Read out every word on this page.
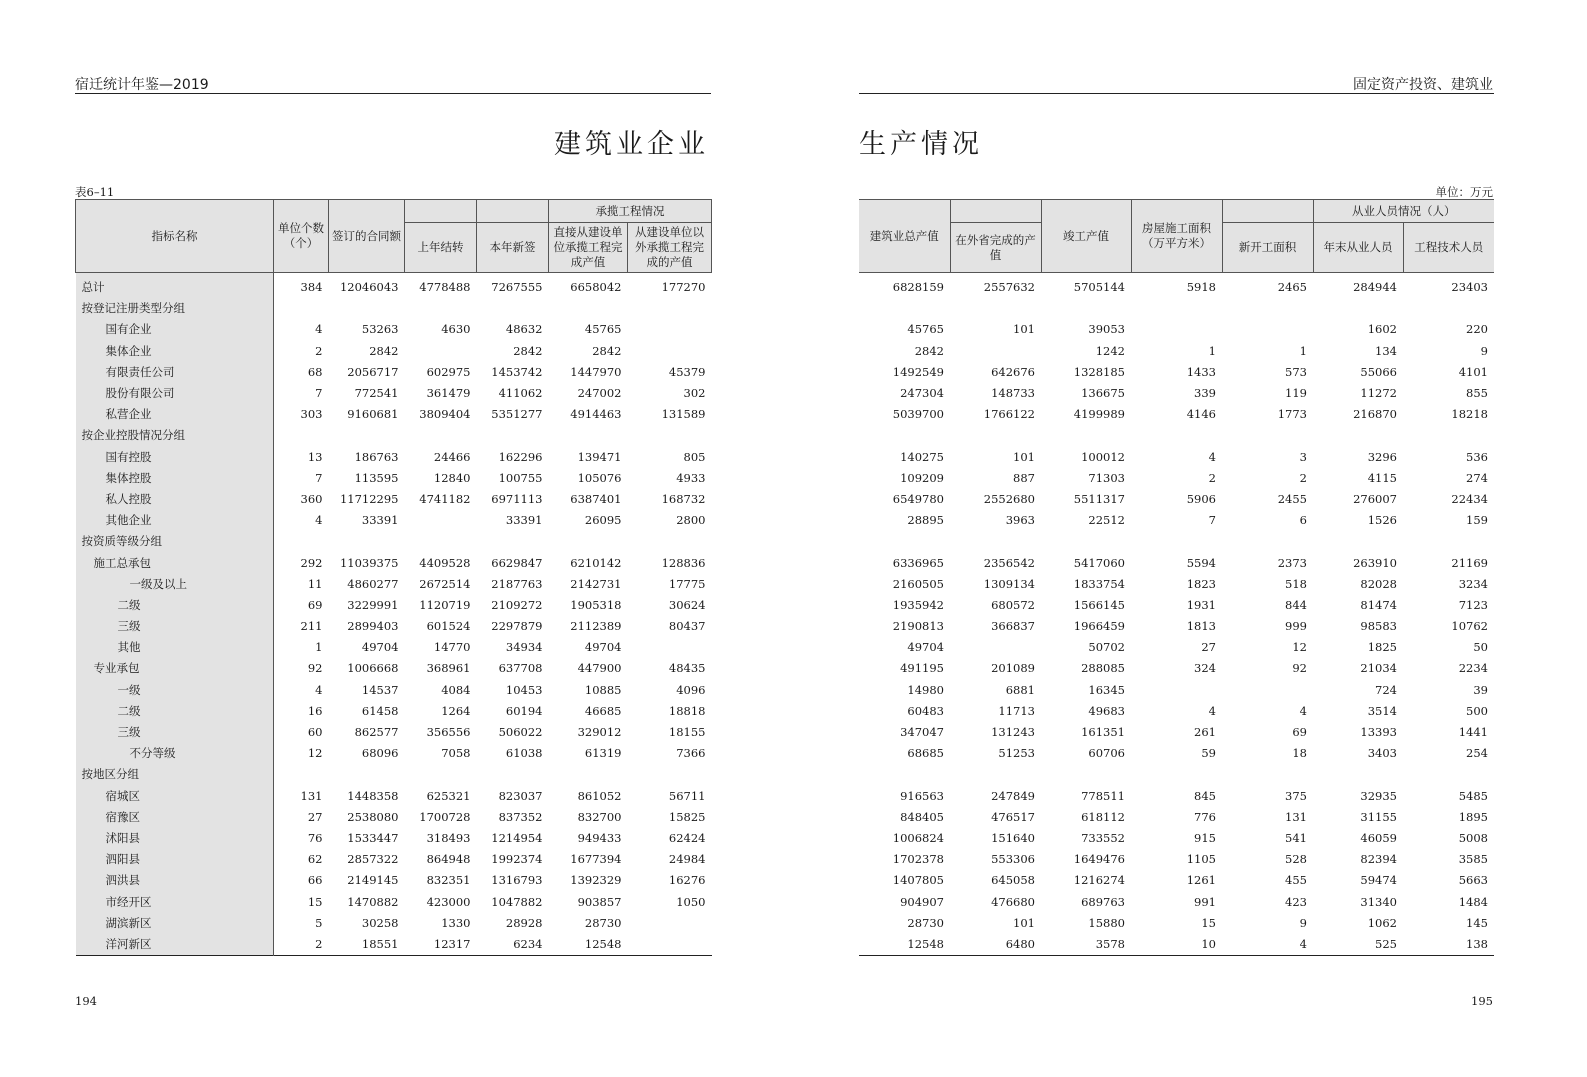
宿迁统计年鉴—2019	固定资产投资、建筑业
建筑业企业	生产情况
表6–11	单位：万元
指标名称	单位个数（个）	签订的合同额			承揽工程情况	
			上年结转	本年新签	直接从建设单位承揽工程完成产值	从建设单位以外承揽工程完成的产值
总计	384	12046043	4778488	7267555	6658042	177270
按登记注册类型分组						
国有企业	4	53263	4630	48632	45765	
集体企业	2	2842		2842	2842	
有限责任公司	68	2056717	602975	1453742	1447970	45379
股份有限公司	7	772541	361479	411062	247002	302
私营企业	303	9160681	3809404	5351277	4914463	131589
按企业控股情况分组						
国有控股	13	186763	24466	162296	139471	805
集体控股	7	113595	12840	100755	105076	4933
私人控股	360	11712295	4741182	6971113	6387401	168732
其他企业	4	33391		33391	26095	2800
按资质等级分组						
施工总承包	292	11039375	4409528	6629847	6210142	128836
一级及以上	11	4860277	2672514	2187763	2142731	17775
二级	69	3229991	1120719	2109272	1905318	30624
三级	211	2899403	601524	2297879	2112389	80437
其他	1	49704	14770	34934	49704	
专业承包	92	1006668	368961	637708	447900	48435
一级	4	14537	4084	10453	10885	4096
二级	16	61458	1264	60194	46685	18818
三级	60	862577	356556	506022	329012	18155
不分等级	12	68096	7058	61038	61319	7366
按地区分组						
宿城区	131	1448358	625321	823037	861052	56711
宿豫区	27	2538080	1700728	837352	832700	15825
沭阳县	76	1533447	318493	1214954	949433	62424
泗阳县	62	2857322	864948	1992374	1677394	24984
泗洪县	66	2149145	832351	1316793	1392329	16276
市经开区	15	1470882	423000	1047882	903857	1050
湖滨新区	5	30258	1330	28928	28730	
洋河新区	2	18551	12317	6234	12548	
建筑业总产值		竣工产值	房屋施工面积（万平方米）		从业人员情况（人）	
	在外省完成的产值			新开工面积	年末从业人员	工程技术人员
6828159	2557632	5705144	5918	2465	284944	23403

45765	101	39053			1602	220
2842		1242	1	1	134	9
1492549	642676	1328185	1433	573	55066	4101
247304	148733	136675	339	119	11272	855
5039700	1766122	4199989	4146	1773	216870	18218

140275	101	100012	4	3	3296	536
109209	887	71303	2	2	4115	274
6549780	2552680	5511317	5906	2455	276007	22434
28895	3963	22512	7	6	1526	159

6336965	2356542	5417060	5594	2373	263910	21169
2160505	1309134	1833754	1823	518	82028	3234
1935942	680572	1566145	1931	844	81474	7123
2190813	366837	1966459	1813	999	98583	10762
49704		50702	27	12	1825	50
491195	201089	288085	324	92	21034	2234
14980	6881	16345			724	39
60483	11713	49683	4	4	3514	500
347047	131243	161351	261	69	13393	1441
68685	51253	60706	59	18	3403	254

916563	247849	778511	845	375	32935	5485
848405	476517	618112	776	131	31155	1895
1006824	151640	733552	915	541	46059	5008
1702378	553306	1649476	1105	528	82394	3585
1407805	645058	1216274	1261	455	59474	5663
904907	476680	689763	991	423	31340	1484
28730	101	15880	15	9	1062	145
12548	6480	3578	10	4	525	138
194	195
